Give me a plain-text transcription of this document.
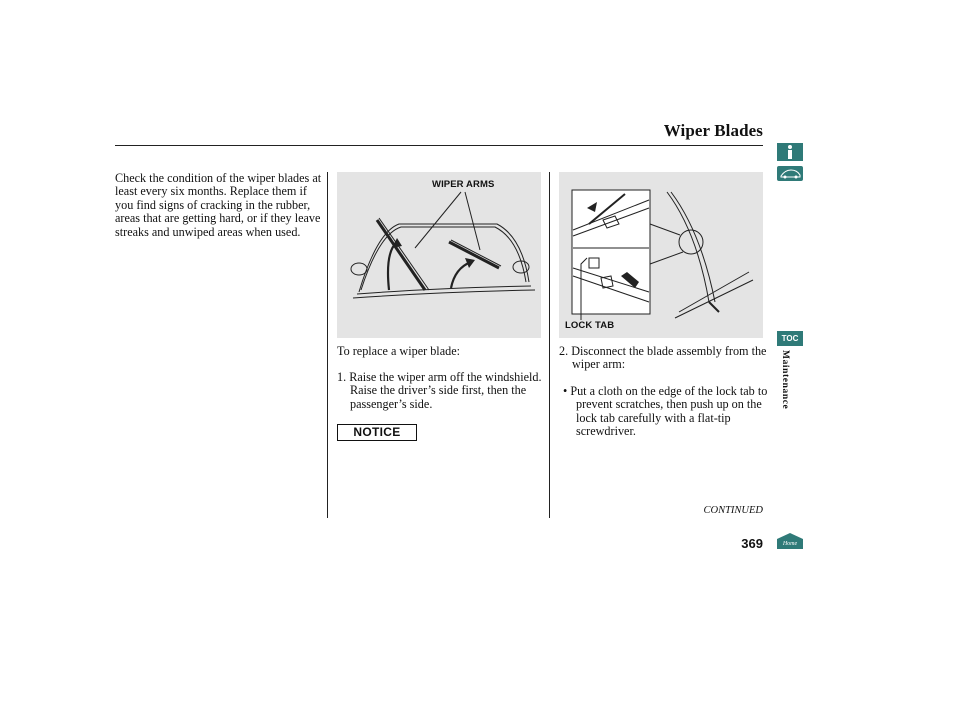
Wiper Blades
Check the condition of the wiper blades at least every six months. Replace them if you find signs of cracking in the rubber, areas that are getting hard, or if they leave streaks and unwiped areas when used.
WIPER ARMS
LOCK TAB
To replace a wiper blade:
1. Raise the wiper arm off the windshield. Raise the driver’s side first, then the passenger’s side.
NOTICE
2. Disconnect the blade assembly from the wiper arm:
• Put a cloth on the edge of the lock tab to prevent scratches, then push up on the lock tab carefully with a flat-tip screwdriver.
CONTINUED
369
TOC
Maintenance
Home
